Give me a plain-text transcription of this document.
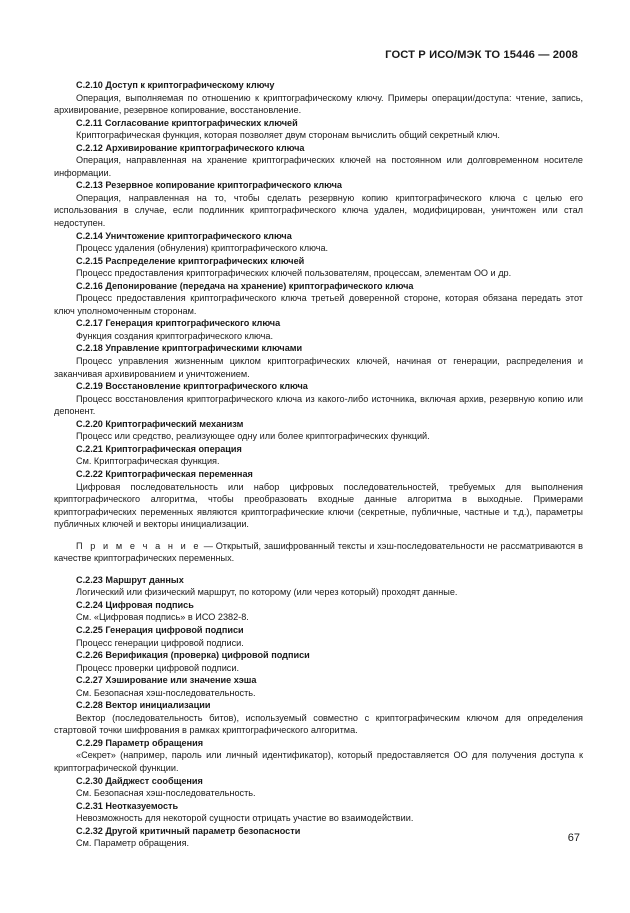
ГОСТ Р ИСО/МЭК ТО 15446 — 2008
C.2.10 Доступ к криптографическому ключу

Операция, выполняемая по отношению к криптографическому ключу. Примеры операции/доступа: чтение, запись, архивирование, резервное копирование, восстановление.

C.2.11 Согласование криптографических ключей

Криптографическая функция, которая позволяет двум сторонам вычислить общий секретный ключ.

C.2.12 Архивирование криптографического ключа

Операция, направленная на хранение криптографических ключей на постоянном или долговременном носителе информации.

C.2.13 Резервное копирование криптографического ключа

Операция, направленная на то, чтобы сделать резервную копию криптографического ключа с целью его использования в случае, если подлинник криптографического ключа удален, модифицирован, уничтожен или стал недоступен.

C.2.14 Уничтожение криптографического ключа

Процесс удаления (обнуления) криптографического ключа.

C.2.15 Распределение криптографических ключей

Процесс предоставления криптографических ключей пользователям, процессам, элементам ОО и др.

C.2.16 Депонирование (передача на хранение) криптографического ключа

Процесс предоставления криптографического ключа третьей доверенной стороне, которая обязана передать этот ключ уполномоченным сторонам.

C.2.17 Генерация криптографического ключа

Функция создания криптографического ключа.

C.2.18 Управление криптографическими ключами

Процесс управления жизненным циклом криптографических ключей, начиная от генерации, распределения и заканчивая архивированием и уничтожением.

C.2.19 Восстановление криптографического ключа

Процесс восстановления криптографического ключа из какого-либо источника, включая архив, резервную копию или депонент.

C.2.20 Криптографический механизм

Процесс или средство, реализующее одну или более криптографических функций.

C.2.21 Криптографическая операция

См. Криптографическая функция.

C.2.22 Криптографическая переменная

Цифровая последовательность или набор цифровых последовательностей, требуемых для выполнения криптографического алгоритма, чтобы преобразовать входные данные алгоритма в выходные. Примерами криптографических переменных являются криптографические ключи (секретные, публичные, частные и т.д.), параметры публичных ключей и векторы инициализации.

П р и м е ч а н и е — Открытый, зашифрованный тексты и хэш-последовательности не рассматриваются в качестве криптографических переменных.

C.2.23 Маршрут данных

Логический или физический маршрут, по которому (или через который) проходят данные.

C.2.24 Цифровая подпись

См. «Цифровая подпись» в ИСО 2382-8.

C.2.25 Генерация цифровой подписи

Процесс генерации цифровой подписи.

C.2.26 Верификация (проверка) цифровой подписи

Процесс проверки цифровой подписи.

C.2.27 Хэширование или значение хэша

См. Безопасная хэш-последовательность.

C.2.28 Вектор инициализации

Вектор (последовательность битов), используемый совместно с криптографическим ключом для определения стартовой точки шифрования в рамках криптографического алгоритма.

C.2.29 Параметр обращения

«Секрет» (например, пароль или личный идентификатор), который предоставляется ОО для получения доступа к криптографической функции.

C.2.30 Дайджест сообщения

См. Безопасная хэш-последовательность.

C.2.31 Неотказуемость

Невозможность для некоторой сущности отрицать участие во взаимодействии.

C.2.32 Другой критичный параметр безопасности

См. Параметр обращения.	67
